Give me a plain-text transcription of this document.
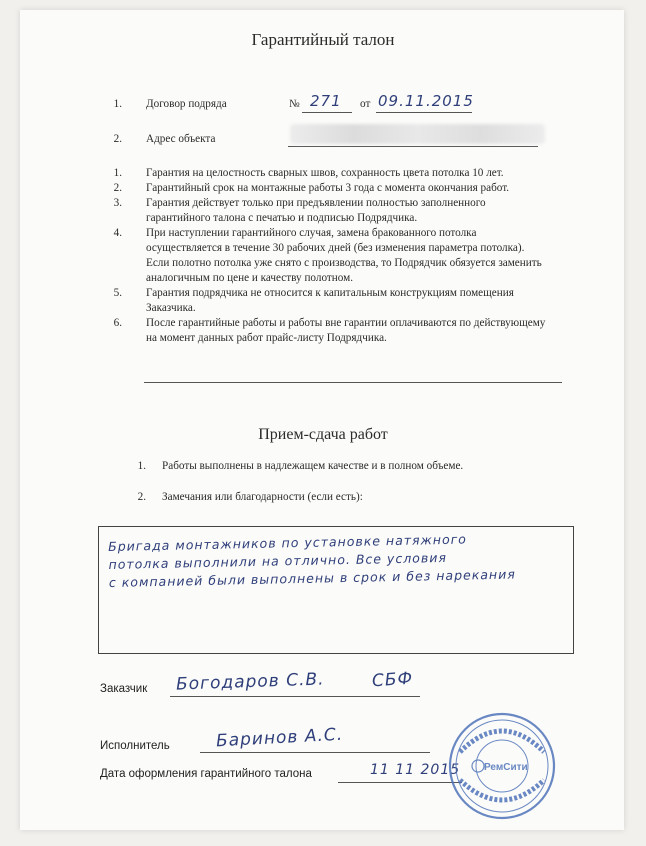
Гарантийный талон
1. Договор подряда	№ 271 от 09.11.2015
2. Адрес объекта
1. Гарантия на целостность сварных швов, сохранность цвета потолка 10 лет.
2. Гарантийный срок на монтажные работы 3 года с момента окончания работ.
3. Гарантия действует только при предъявлении полностью заполненного
гарантийного талона с печатью и подписью Подрядчика.
4. При наступлении гарантийного случая, замена бракованного потолка
осуществляется в течение 30 рабочих дней (без изменения параметра потолка).
Если полотно потолка уже снято с производства, то Подрядчик обязуется заменить
аналогичным по цене и качеству полотном.
5. Гарантия подрядчика не относится к капитальным конструкциям помещения
Заказчика.
6. После гарантийные работы и работы вне гарантии оплачиваются по действующему
на момент данных работ прайс-листу Подрядчика.
Прием-сдача работ
1. Работы выполнены в надлежащем качестве и в полном объеме.
2. Замечания или благодарности (если есть):
Бригада монтажников по установке натяжного
потолка выполнили на отлично. Все условия
с компанией были выполнены в срок и без нарекания
Заказчик Богодаров С.В.	СБФ
Исполнитель	Баринов А.С.
Дата оформления гарантийного талона	11 11 2015 РемСити
